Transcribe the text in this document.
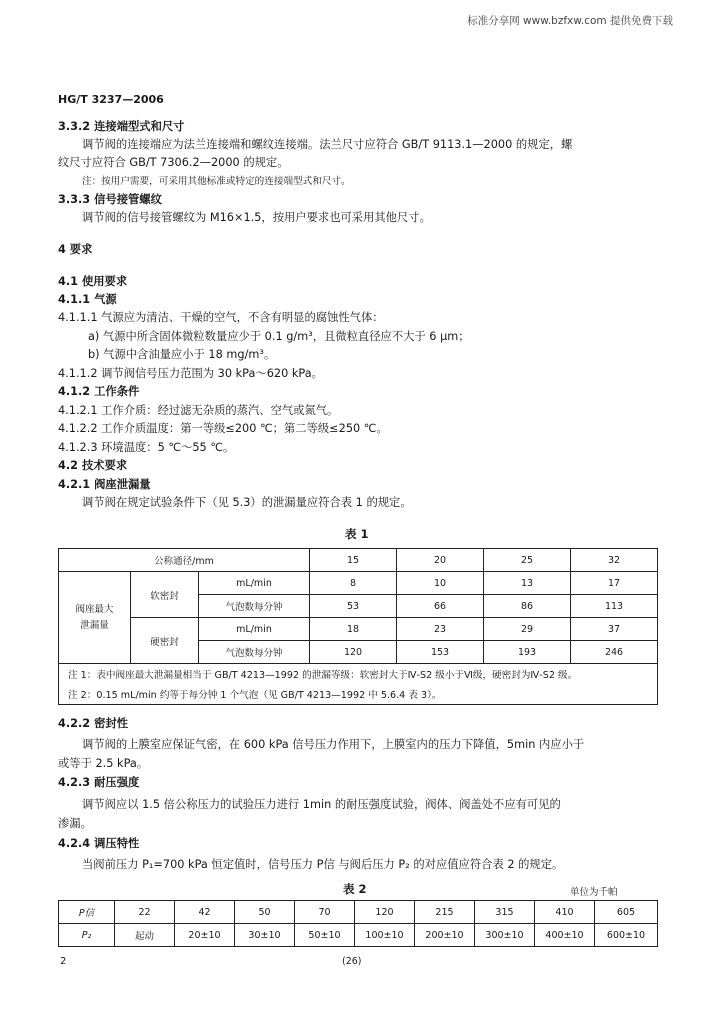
标准分享网 www.bzfxw.com 提供免费下载
HG/T 3237—2006
3.3.2 连接端型式和尺寸
调节阀的连接端应为法兰连接端和螺纹连接端。法兰尺寸应符合 GB/T 9113.1—2000 的规定，螺
纹尺寸应符合 GB/T 7306.2—2000 的规定。
注：按用户需要，可采用其他标准或特定的连接端型式和尺寸。
3.3.3 信号接管螺纹
调节阀的信号接管螺纹为 M16×1.5，按用户要求也可采用其他尺寸。
4 要求
4.1 使用要求
4.1.1 气源
4.1.1.1 气源应为清洁、干燥的空气，不含有明显的腐蚀性气体：
a) 气源中所含固体微粒数量应少于 0.1 g/m³，且微粒直径应不大于 6 μm；
b) 气源中含油量应小于 18 mg/m³。
4.1.1.2 调节阀信号压力范围为 30 kPa～620 kPa。
4.1.2 工作条件
4.1.2.1 工作介质：经过滤无杂质的蒸汽、空气或氮气。
4.1.2.2 工作介质温度：第一等级≤200 ℃；第二等级≤250 ℃。
4.1.2.3 环境温度：5 ℃～55 ℃。
4.2 技术要求
4.2.1 阀座泄漏量
调节阀在规定试验条件下（见 5.3）的泄漏量应符合表 1 的规定。
表 1
公称通径/mm			15	20	25	32
阀座最大
泄漏量	软密封	mL/min	8	10	13	17
		气泡数每分钟	53	66	86	113
	硬密封	mL/min	18	23	29	37
		气泡数每分钟	120	153	193	246
注 1：表中阀座最大泄漏量相当于 GB/T 4213—1992 的泄漏等级：软密封大于Ⅳ-S2 级小于Ⅵ级，硬密封为Ⅳ-S2 级。						
注 2：0.15 mL/min 约等于每分钟 1 个气泡（见 GB/T 4213—1992 中 5.6.4 表 3）。						
4.2.2 密封性
调节阀的上膜室应保证气密，在 600 kPa 信号压力作用下，上膜室内的压力下降值，5min 内应小于
或等于 2.5 kPa。
4.2.3 耐压强度
调节阀应以 1.5 倍公称压力的试验压力进行 1min 的耐压强度试验，阀体、阀盖处不应有可见的
渗漏。
4.2.4 调压特性
当阀前压力 P₁=700 kPa 恒定值时，信号压力 P信 与阀后压力 P₂ 的对应值应符合表 2 的规定。
表 2	单位为千帕
P信	22	42	50	70	120	215	315	410	605
P₂	起动	20±10	30±10	50±10	100±10	200±10	300±10	400±10	600±10
2	(26)
